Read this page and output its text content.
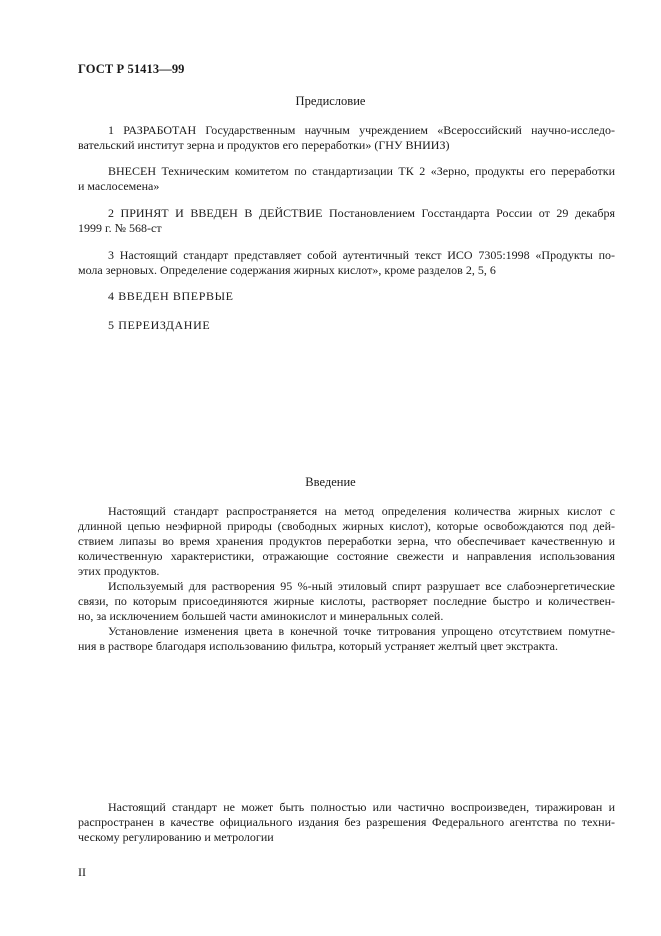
ГОСТ Р 51413—99
Предисловие
1 РАЗРАБОТАН Государственным научным учреждением «Всероссийский научно-исследо-
вательский институт зерна и продуктов его переработки» (ГНУ ВНИИЗ)
ВНЕСЕН Техническим комитетом по стандартизации ТК 2 «Зерно, продукты его переработки
и маслосемена»
2 ПРИНЯТ И ВВЕДЕН В ДЕЙСТВИЕ Постановлением Госстандарта России от 29 декабря
1999 г. № 568-ст
3 Настоящий стандарт представляет собой аутентичный текст ИСО 7305:1998 «Продукты по-
мола зерновых. Определение содержания жирных кислот», кроме разделов 2, 5, 6
4 ВВЕДЕН ВПЕРВЫЕ
5 ПЕРЕИЗДАНИЕ
Введение
Настоящий стандарт распространяется на метод определения количества жирных кислот с
длинной цепью неэфирной природы (свободных жирных кислот), которые освобождаются под дей-
ствием липазы во время хранения продуктов переработки зерна, что обеспечивает качественную и
количественную характеристики, отражающие состояние свежести и направления использования
этих продуктов.
Используемый для растворения 95 %-ный этиловый спирт разрушает все слабоэнергетические
связи, по которым присоединяются жирные кислоты, растворяет последние быстро и количествен-
но, за исключением большей части аминокислот и минеральных солей.
Установление изменения цвета в конечной точке титрования упрощено отсутствием помутне-
ния в растворе благодаря использованию фильтра, который устраняет желтый цвет экстракта.
Настоящий стандарт не может быть полностью или частично воспроизведен, тиражирован и
распространен в качестве официального издания без разрешения Федерального агентства по техни-
ческому регулированию и метрологии
II
